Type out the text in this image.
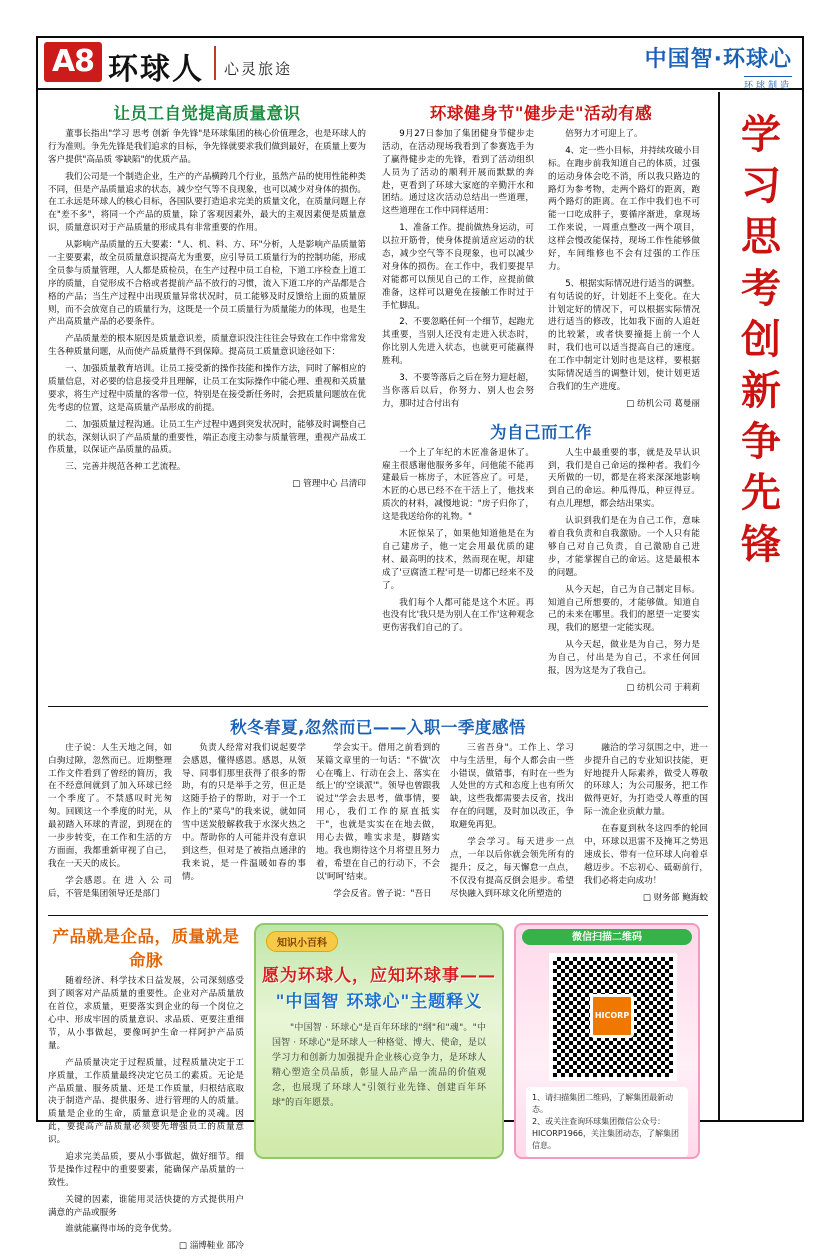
A8 环球人 心灵旅途	中国智·环球心
环球制造
学
习
思
考
创
新
争
先
锋
让员工自觉提高质量意识

董事长指出"学习 思考 创新 争先锋"是环球集团的核心价值理念，也是环球人的行为准则。争先先锋是我们追求的目标，争先锋就要求我们做到最好，在质量上要为客户提供"高品质 零缺陷"的优质产品。

我们公司是一个制造企业，生产的产品横跨几个行业，虽然产品的使用性能种类不同，但是产品质量追求的状态，减少空气等不良现象，也可以减少对身体的损伤。在工永远是环球人的核心目标，各国队要打造追求完美的质量文化，在质量问题上存在"差不多"，将同一个产品的质量，除了客观因素外，最大的主观因素便是质量意识，质量意识对于产品质量的形成具有非常重要的作用。

从影响产品质量的五大要素："人、机、料、方、环"分析，人是影响产品质量第一主要要素，故全员质量意识提高尤为重要，应引导员工质量行为的控制功能，形成全员参与质量管理，人人都是质检员，在生产过程中员工自检，下道工序检查上道工序的质量，自觉形成不合格或者提前产品不放行的习惯，流入下道工序的产品都是合格的产品；当生产过程中出现质量异常状况时，员工能够及时反馈给上面的质量原则，而不会放宽自己的质量行为，这既是一个员工质量行为质量能力的体现，也是生产出高质量产品的必要条件。

产品质量差的根本原因是质量意识差，质量意识没注往往会导致在工作中常常发生各种质量问题，从而使产品质量得不到保障。提高员工质量意识途径如下：

一、加强质量教育培训。让员工接受新的操作技能和操作方法，同时了解相应的质量信息，对必要的信息接受并且理解，让员工在实际操作中能心理、重视和关质量要求，将生产过程中质量的客带一位，特别是在接受新任务时，会把质量问题放在优先考虑的位置，这是高质量产品形成的前提。

二、加强质量过程沟通。让员工生产过程中遇到突发状况时，能够及时调整自己的状态，深刻认识了产品质量的重要性，端正态度主动参与质量管理，重视产品成工作质量，以保证产品质量的品质。

三、完善并规范各种工艺流程。

□ 管理中心 吕清印

环球健身节"健步走"活动有感

9月27日参加了集团健身节健步走活动，在活动现场我看到了参赛选手为了赢得健步走的先锋，看到了活动组织人员为了活动的顺利开展而默默的奔赴，更看到了环球大家庭的辛勤汗水和团结。通过这次活动总结出一些道理，这些道理在工作中同样适用：

1、准备工作。提前做热身运动，可以拉开筋骨，使身体提前适应运动的状态，减少空气等不良现象，也可以减少对身体的损伤。在工作中，我们要提早对能都可以预见自己的工作，应提前做准备，这样可以避免在接触工作时过于手忙脚乱。

2、不要忽略任何一个细节，起跑尤其重要，当别人还没有走进入状态时，你比别人先进入状态，也就更可能赢得胜利。

3、不要等落后之后在努力迎赶超，当你落后以后，你努力、别人也会努力，那时过合付出有

倍努力才可迎上了。

4、定一些小目标，并持续攻破小目标。在跑步前我知道自己的体质，过强的运动身体会吃不消，所以我只路边的路灯为参考物，走两个路灯的距离，跑两个路灯的距离。在工作中我们也不可能一口吃成胖子，要循序渐进，拿现场工作来说，一周重点整改一两个项目，这样会慢改能保持，现场工作性能够做好，车间维修也不会有过强的工作压力。

5、根据实际情况进行适当的调整。有句话说的好，计划赶不上变化。在大计划定好的情况下，可以根据实际情况进行适当的修改，比如我下面的人追赶的比较紧，或者快要撞挺上前一个人时，我们也可以适当提高自己的速度。在工作中制定计划时也是这样，要根据实际情况适当的调整计划，使计划更适合我们的生产进度。

□ 纺机公司 葛曼丽

为自己而工作

一个上了年纪的木匠准备退休了。雇主很感谢他服务多年，问他能不能再建最后一栋房子，木匠答应了。可是，木匠的心思已经不在干活上了，他找来质次的材料，减慢地说："房子归你了，这是我送给你的礼物。"

木匠惊呆了，如果他知道他是在为自己建房子，他一定会用最优质的建材、最高明的技术，然而现在呢，却建成了'豆腐渣工程'可是一切都已经来不及了。

我们每个人都可能是这个木匠。再也没有比'我只是为别人在工作'这种观念更伤害我们自己的了。

人生中最重要的事，就是及早认识到，我们是自己命运的操种者。我们今天所做的一切，都是在将来深深地影响到自己的命运。种瓜得瓜，种豆得豆。有点儿理想，都会结出果实。

认识到我们是在为自己工作，意味着自我负责和自我激励。一个人只有能够自己对自己负责，自己激励自己进步，才能掌握自己的命运。这是最根本的问题。

从今天起，自己为自己制定目标。知道自己所想要的，才能够做。知道自己的未来在哪里。我们的愿望一定要实现，我们的愿望一定能实现。

从今天起，做业是为自己，努力是为自己，付出是为自己，不求任何回报，因为这是为了我自己。

□ 纺机公司 于莉莉

秋冬春夏,忽然而已——入职一季度感悟

庄子说：人生天地之间，如白驹过隙，忽然而已。近期整理工作文件看到了曾经的简历，我在不经意间就到了加入环球已经一个季度了。不禁感叹时光匆匆。回顾这一个季度的时光，从最初踏入环球的青涩，到现在的一步步转变，在工作和生活的方方面面，我都重新审视了自己，我在一天天的成长。

学会感恩。在 进 入 公 司后，不管是集团领导还是部门

负责人经常对我们说起要学会感恩，懂得感恩。感恩，从领导、同事们那里获得了很多的帮助，有的只是举手之劳，但正是这随手拾子的帮助，对于一个工作上的"菜鸟"的我来说，就如同雪中送炭般解救我于水深火热之中。帮助你的人可能并没有意识到这些，但对是了被指点通津的我来说，是一件温暖如春的事情。

学会实干。借用之前看到的某篇文章里的一句话："不做'次心在嘴上、行动在会上、落实在纸上'的'空谈派'"。领导也曾跟我说过"学会去思考，做事情，要用心，我们工作的原直抵实干"，也就是实实在在地去做，用心去做，唯实求是，脚踏实地。我也期待这个月将望且努力着，希望在自己的行动下，不会以'呵呵'结束。

学会反省。曾子说："吾日

三省吾身"。工作上、学习中与生活里，每个人都会由一些小错误，做错事，有时在一些为人处世的方式和态度上也有所欠缺，这些我都需要去反省，找出存在的问题，及时加以改正，争取避免再犯。

学会学习。每天进步一点点，一年以后你就会领先所有的提升；反之，每天懈怠一点点，不仅没有提高反倒会退步。希望尽快融入到环球文化所塑造的

融洽的学习氛围之中，进一步提升自己的专业知识技能，更好地提升人际素养，做受人尊敬的环球人；为公司服务，把工作做得更好，为打造受人尊重的国际一流企业贡献力量。

在春夏到秋冬这四季的轮回中，环球以迅雷不及掩耳之势迅速成长、带有一位环球人向着卓越迈步。不忘初心、砥砺前行，我们必将走向成功！

□ 财务部 鲍海蛟

产品就是企品，质量就是命脉

随着经济、科学技术日益发展，公司深刻感受到了顾客对产品质量的重要性。企业对产品质量放在首位，求质量，更要落实到企业的每一个岗位之心中、形成牢固的质量意识、求品质、更要注重细节，从小事做起，要像呵护生命一样阿护产品质量。

产品质量决定于过程质量，过程质量决定于工序质量，工作质量最终决定它员工的素质。无论是产品质量、服务质量、还是工作质量，归根结底取决于制造产品、提供服务、进行管理的人的质量。质量是企业的生命，质量意识是企业的灵魂。因此，要提高产品质量必须要先增强员工的质量意识。

追求完美品质，要从小事做起，做好细节。细节是操作过程中的重要要素，能确保产品质量的一致性。

关键的因素，谁能用灵活快捷的方式提供用户满意的产品或服务

谁就能赢得市场的竞争优势。

□ 淄博鞋业 邵冷

知识小百科
愿为环球人，应知环球事——
"中国智 环球心"主题释义
"中国智 · 环球心"是百年环球的"纲"和"魂"。"中国智 · 环球心"是环球人一种格觉、博大、使命，是以学习力和创新力加强提升企业核心竞争力，是环球人精心塑造全员品质，彰显人品产品一流品的价值观念，也展现了环球人"引领行业先锋、创建百年环球"的百年愿景。
微信扫描二维码
HICORP
1、请扫描集团二维码，了解集团最新动态。
2、或关注查询环球集团微信公众号：HICORP1966，关注集团动态，了解集团信息。
